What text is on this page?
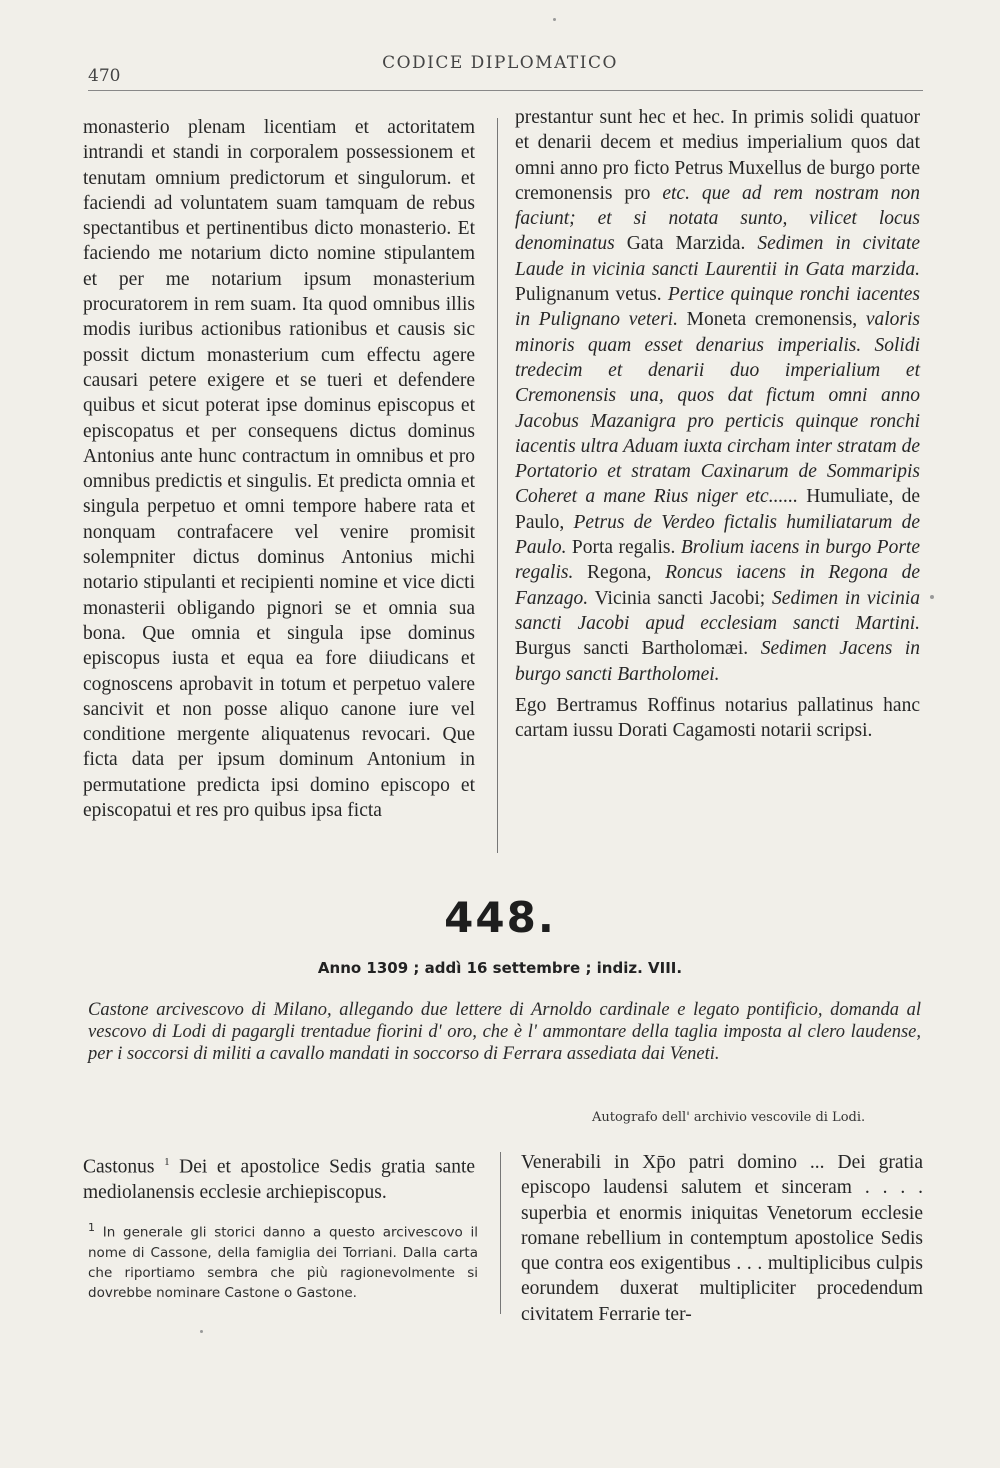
470
CODICE DIPLOMATICO

monasterio plenam licentiam et actoritatem intrandi et standi in corporalem possessionem et tenutam omnium predictorum et singulorum. et faciendi ad voluntatem suam tamquam de rebus spectantibus et pertinentibus dicto monasterio. Et faciendo me notarium dicto nomine stipulantem et per me notarium ipsum monasterium procuratorem in rem suam. Ita quod omnibus illis modis iuribus actionibus rationibus et causis sic possit dictum monasterium cum effectu agere causari petere exigere et se tueri et defendere quibus et sicut poterat ipse dominus episcopus et episcopatus et per consequens dictus dominus Antonius ante hunc contractum in omnibus et pro omnibus predictis et singulis. Et predicta omnia et singula perpetuo et omni tempore habere rata et nonquam contrafacere vel venire promisit solempniter dictus dominus Antonius michi notario stipulanti et recipienti nomine et vice dicti monasterii obligando pignori se et omnia sua bona. Que omnia et singula ipse dominus episcopus iusta et equa ea fore diiudicans et cognoscens aprobavit in totum et perpetuo valere sancivit et non posse aliquo canone iure vel conditione mergente aliquatenus revocari. Que ficta data per ipsum dominum Antonium in permutatione predicta ipsi domino episcopo et episcopatui et res pro quibus ipsa ficta

prestantur sunt hec et hec. In primis solidi quatuor et denarii decem et medius imperialium quos dat omni anno pro ficto Petrus Muxellus de burgo porte cremonensis pro etc. que ad rem nostram non faciunt; et si notata sunto, vilicet locus denominatus Gata Marzida. Sedimen in civitate Laude in vicinia sancti Laurentii in Gata marzida. Pulignanum vetus. Pertice quinque ronchi iacentes in Pulignano veteri. Moneta cremonensis, valoris minoris quam esset denarius imperialis. Solidi tredecim et denarii duo imperialium et Cremonensis una, quos dat fictum omni anno Jacobus Mazanigra pro perticis quinque ronchi iacentis ultra Aduam iuxta circham inter stratam de Portatorio et stratam Caxinarum de Sommaripis Coheret a mane Rius niger etc...... Humuliate, de Paulo, Petrus de Verdeo fictalis humiliatarum de Paulo. Porta regalis. Brolium iacens in burgo Porte regalis. Regona, Roncus iacens in Regona de Fanzago. Vicinia sancti Jacobi; Sedimen in vicinia sancti Jacobi apud ecclesiam sancti Martini. Burgus sancti Bartholomæi. Sedimen Jacens in burgo sancti Bartholomei.

Ego Bertramus Roffinus notarius pallatinus hanc cartam iussu Dorati Cagamosti notarii scripsi.

448.
Anno 1309 ; addì 16 settembre ; indiz. VIII.
Castone arcivescovo di Milano, allegando due lettere di Arnoldo cardinale e legato pontificio, domanda al vescovo di Lodi di pagargli trentadue fiorini d' oro, che è l' ammontare della taglia imposta al clero laudense, per i soccorsi di militi a cavallo mandati in soccorso di Ferrara assediata dai Veneti.
Autografo dell' archivio vescovile di Lodi.

Castonus $^1$ Dei et apostolice Sedis gratia sante mediolanensis ecclesie archiepiscopus.

$^1$ In generale gli storici danno a questo arcivescovo il nome di Cassone, della famiglia dei Torriani. Dalla carta che riportiamo sembra che più ragionevolmente si dovrebbe nominare Castone o Gastone.

Venerabili in Xp̄o patri domino ... Dei gratia episcopo laudensi salutem et sinceram . . . . superbia et enormis iniquitas Venetorum ecclesie romane rebellium in contemptum apostolice Sedis que contra eos exigentibus . . . multiplicibus culpis eorundem duxerat multipliciter procedendum civitatem Ferrarie ter-
